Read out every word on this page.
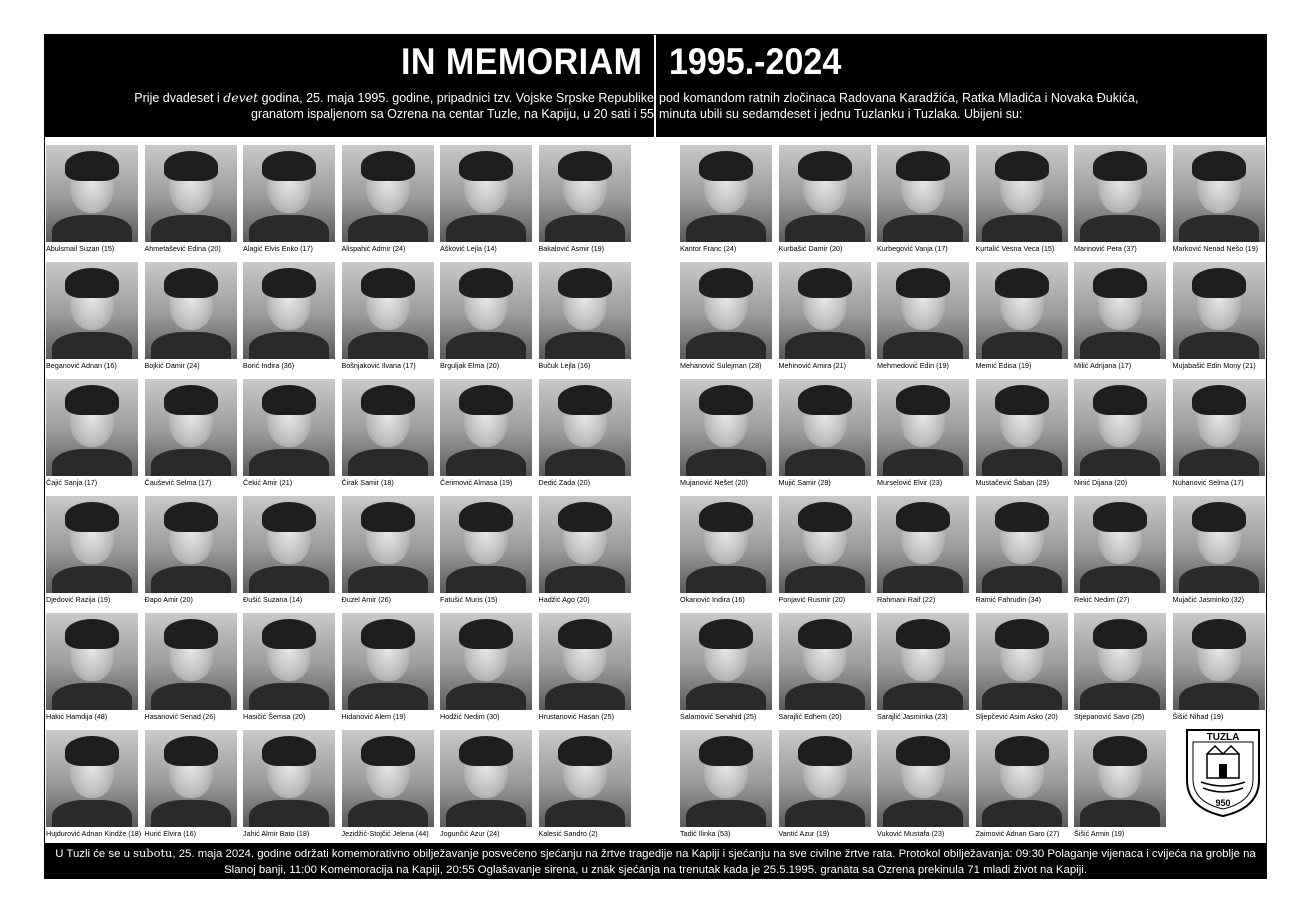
IN MEMORIAM 1995.-2024
Prije dvadeset i devet godina, 25. maja 1995. godine, pripadnici tzv. Vojske Srpske Republike
granatom ispaljenom sa Ozrena na centar Tuzle, na Kapiju, u 20 sati i 55
pod komandom ratnih zločinaca Radovana Karadžića, Ratka Mladića i Novaka Đukića,
minuta ubili su sedamdeset i jednu Tuzlanku i Tuzlaka. Ubijeni su:
Abulsmail Suzan (15)	Ahmetašević Edina (20)	Alagić Elvis Enko (17)	Alispahić Admir (24)	Ašković Lejla (14)	Bakalović Asmir (19)
Beganović Adnan (16)	Bojkić Damir (24)	Borić Indira (36)	Bošnjaković Ilvana (17)	Brguljak Elma (20)	Bučuk Lejla (16)
Čajić Sanja (17)	Čaušević Selma (17)	Čekić Amir (21)	Čirak Samir (18)	Čerimović Almasa (19)	Dedić Zada (20)
Djedović Razija (19)	Đapo Amir (20)	Đušić Suzana (14)	Đuzel Amir (26)	Fatušić Muris (15)	Hadžić Ago (20)
Hakić Hamdija (48)	Hasanović Senad (26)	Hasičić Šemsa (20)	Hidanović Alem (19)	Hodžić Nedim (30)	Hrustanović Hasan (25)
Hujdurović Adnan Kindže (18) Hurić Elvira (16)	Jahić Almir Bato (18)	Jezidžić-Stojčić Jelena (44)	Jogunčić Azur (24)	Kalesić Sandro (2)
Kantor Franc (24)	Kurbašić Damir (20)	Kurbegović Vanja (17)	Kurtalić Vesna Veca (15)	Marinović Pera (37)	Marković Nenad Nešo (19)
Mehanović Sulejman (28)	Mehinović Amira (21)	Mehmedović Edin (19)	Memić Edisa (19)	Milić Adrijana (17)	Mujabašić Edin Mony (21)
Mujanović Nešet (20)	Mujić Samir (28)	Murselović Elvir (23)	Mustačević Šaban (29)	Ninić Dijana (20)	Nuhanović Selma (17)
Okanović Indira (16)	Ponjavić Rusmir (20)	Rahmani Raif (22)	Ramić Fahrudin (34)	Rekić Nedim (27)	Mujačić Jasminko (32)
Salamović Senahid (25)	Sarajlić Edhem (20)	Sarajlić Jasminka (23)	Sljepčević Asim Asko (20)	Stjepanović Savo (25)	Šišić Nihad (19)
Tadić Ilinka (53)	Vantić Azur (19)	Vuković Mustafa (23)	Zaimović Adnan Garo (27)	Šišić Armin (19)
TUZLA
950
U Tuzli će se u subotu, 25. maja 2024. godine održati komemorativno obilježavanje posvećeno sjećanju na žrtve tragedije na Kapiji i sjećanju na sve civilne žrtve rata. Protokol obilježavanja: 09:30 Polaganje vijenaca i cvijeća na groblje na
Slanoj banji, 11:00 Komemoracija na Kapiji, 20:55 Oglašavanje sirena, u znak sjećanja na trenutak kada je 25.5.1995. granata sa Ozrena prekinula 71 mladi život na Kapiji.
